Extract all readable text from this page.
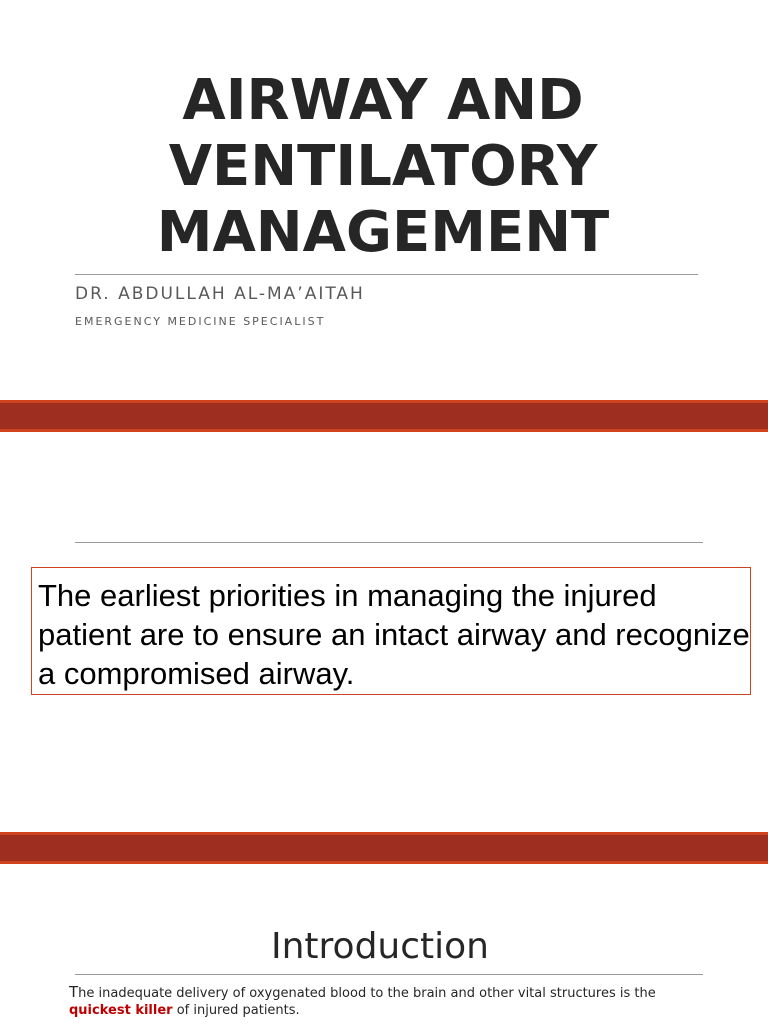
AIRWAY AND VENTILATORY MANAGEMENT
DR. ABDULLAH AL-MA’AITAH
EMERGENCY MEDICINE SPECIALIST
The earliest priorities in managing the injured patient are to ensure an intact airway and recognize a compromised airway.
Introduction
The inadequate delivery of oxygenated blood to the brain and other vital structures is the quickest killer of injured patients.
